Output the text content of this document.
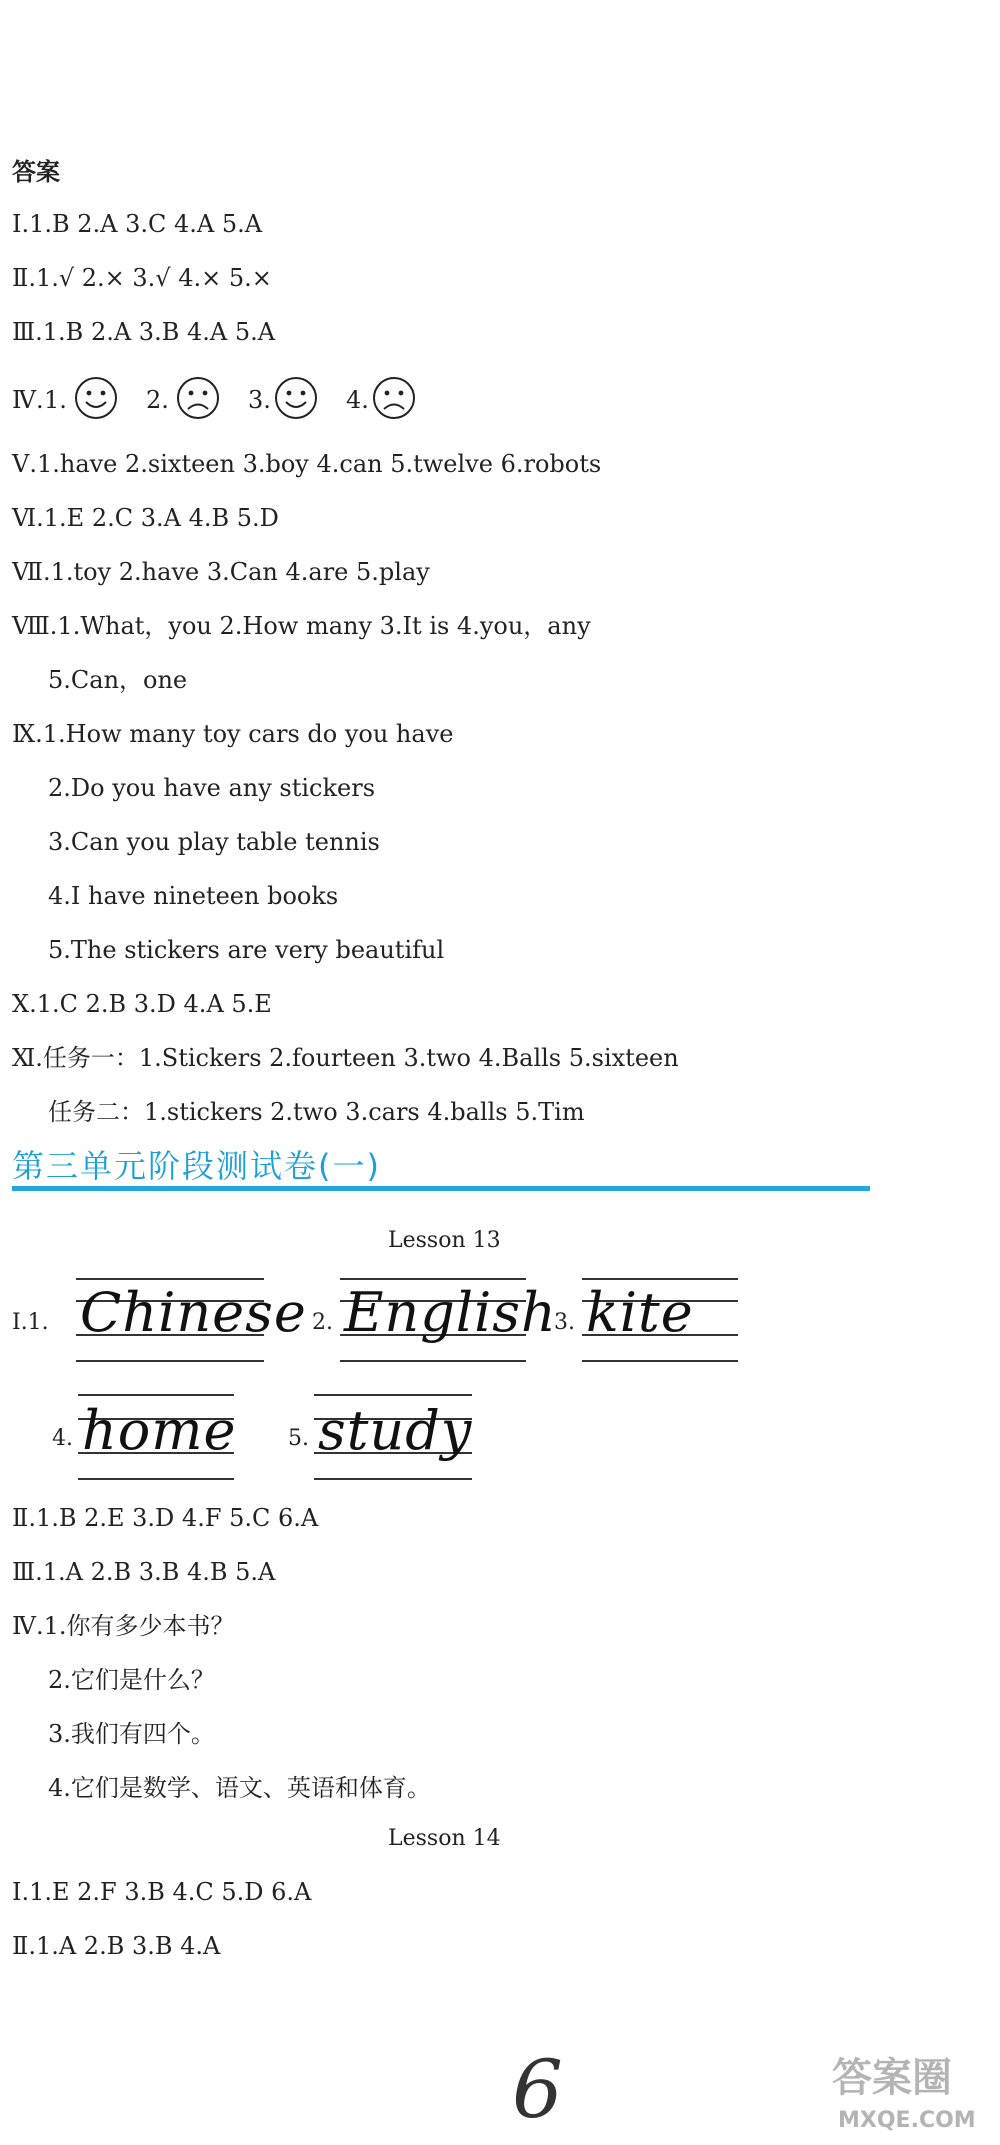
答案
Ⅰ.1.B 2.A 3.C 4.A 5.A
Ⅱ.1.√ 2.× 3.√ 4.× 5.×
Ⅲ.1.B 2.A 3.B 4.A 5.A
Ⅳ. 1.	2.	3.	4.
Ⅴ.1.have 2.sixteen 3.boy 4.can 5.twelve 6.robots
Ⅵ.1.E 2.C 3.A 4.B 5.D
Ⅶ.1.toy 2.have 3.Can 4.are 5.play
Ⅷ.1.What，you 2.How many 3.It is 4.you，any
5.Can，one
Ⅸ.1.How many toy cars do you have
2.Do you have any stickers
3.Can you play table tennis
4.I have nineteen books
5.The stickers are very beautiful
Ⅹ.1.C 2.B 3.D 4.A 5.E
Ⅺ.任务一：1.Stickers 2.fourteen 3.two 4.Balls 5.sixteen
任务二：1.stickers 2.two 3.cars 4.balls 5.Tim
第三单元阶段测试卷(一)
Lesson 13
Ⅰ.1. Chinese 2. English
3. kite
4. home 5. study
Ⅱ.1.B 2.E 3.D 4.F 5.C 6.A
Ⅲ.1.A 2.B 3.B 4.B 5.A
Ⅳ.1.你有多少本书？
2.它们是什么？
3.我们有四个。
4.它们是数学、语文、英语和体育。
Lesson 14
Ⅰ.1.E 2.F 3.B 4.C 5.D 6.A
Ⅱ.1.A 2.B 3.B 4.A
6	答案圈
MXQE.COM
